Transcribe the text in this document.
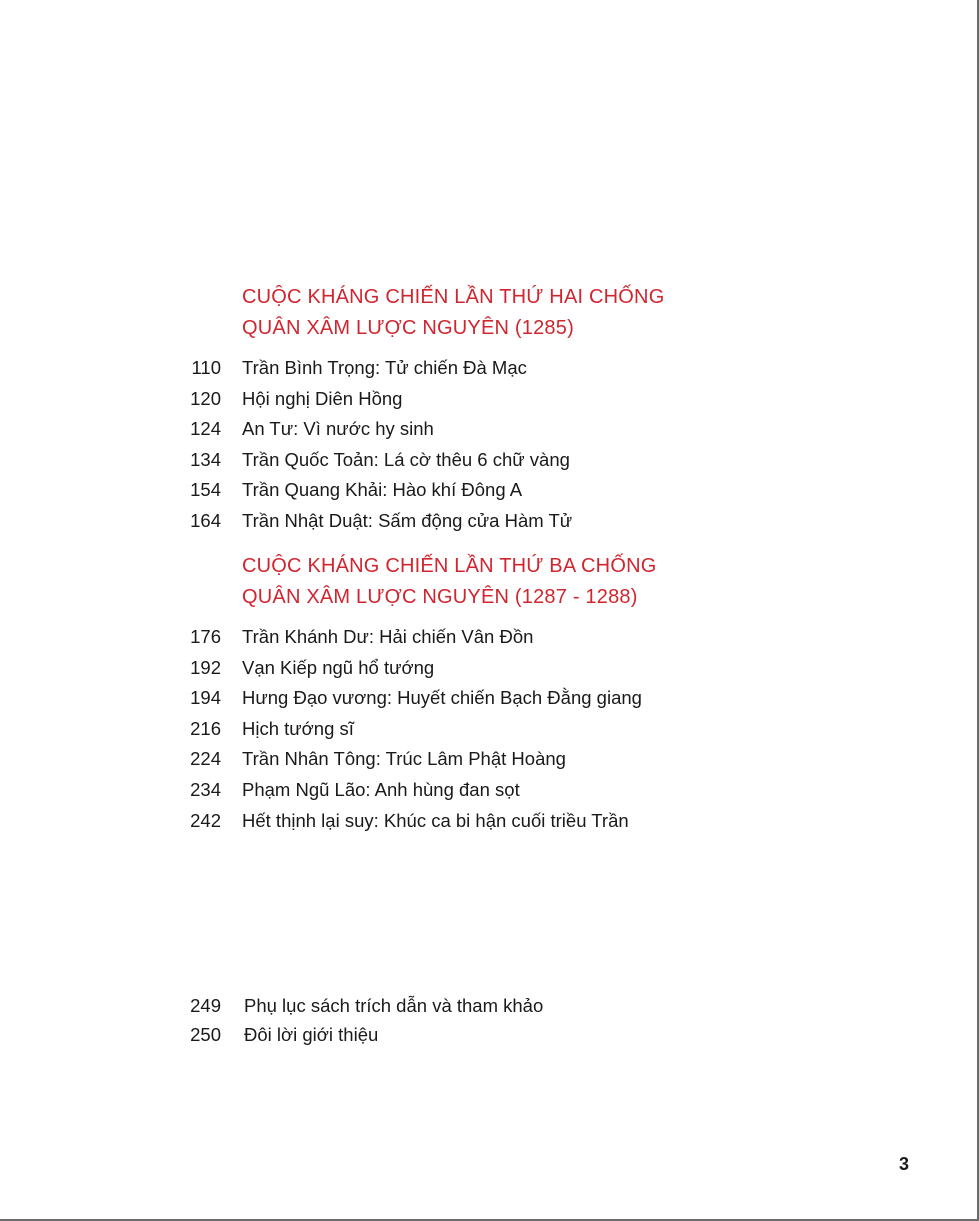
CUỘC KHÁNG CHIẾN LẦN THỨ HAI CHỐNG
QUÂN XÂM LƯỢC NGUYÊN (1285)
110 Trần Bình Trọng: Tử chiến Đà Mạc
120 Hội nghị Diên Hồng
124 An Tư: Vì nước hy sinh
134 Trần Quốc Toản: Lá cờ thêu 6 chữ vàng
154 Trần Quang Khải: Hào khí Đông A
164 Trần Nhật Duật: Sấm động cửa Hàm Tử
CUỘC KHÁNG CHIẾN LẦN THỨ BA CHỐNG
QUÂN XÂM LƯỢC NGUYÊN (1287 - 1288)
176 Trần Khánh Dư: Hải chiến Vân Đồn
192 Vạn Kiếp ngũ hổ tướng
194 Hưng Đạo vương: Huyết chiến Bạch Đằng giang
216 Hịch tướng sĩ
224 Trần Nhân Tông: Trúc Lâm Phật Hoàng
234 Phạm Ngũ Lão: Anh hùng đan sọt
242 Hết thịnh lại suy: Khúc ca bi hận cuối triều Trần
249 Phụ lục sách trích dẫn và tham khảo
250 Đôi lời giới thiệu
3
